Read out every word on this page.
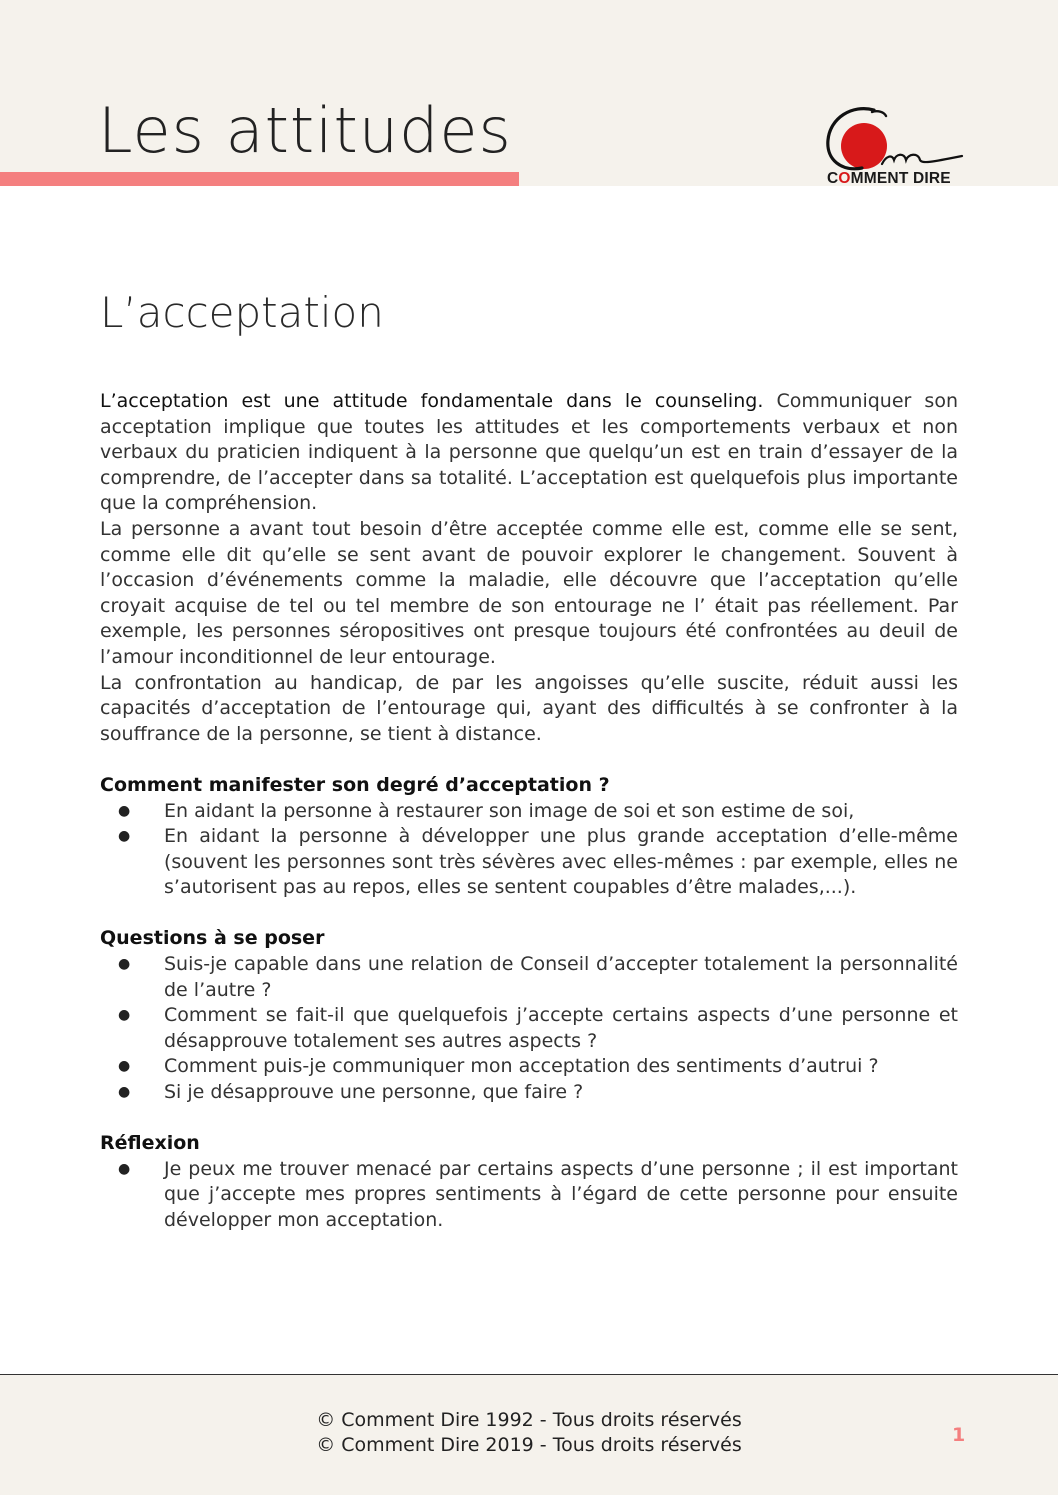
Les attitudes
COMMENT DIRE
L’acceptation

L’acceptation est une attitude fondamentale dans le counseling. Communiquer son acceptation implique que toutes les attitudes et les comportements verbaux et non verbaux du praticien indiquent à la personne que quelqu’un est en train d’essayer de la comprendre, de l’accepter dans sa totalité. L’acceptation est quelquefois plus importante que la compréhension.

La personne a avant tout besoin d’être acceptée comme elle est, comme elle se sent, comme elle dit qu’elle se sent avant de pouvoir explorer le changement. Souvent à l’occasion d’événements comme la maladie, elle découvre que l’acceptation qu’elle croyait acquise de tel ou tel membre de son entourage ne l’ était pas réellement. Par exemple, les personnes séropositives ont presque toujours été confrontées au deuil de l’amour inconditionnel de leur entourage.

La confrontation au handicap, de par les angoisses qu’elle suscite, réduit aussi les capacités d’acceptation de l’entourage qui, ayant des difficultés à se confronter à la souffrance de la personne, se tient à distance.

Comment manifester son degré d’acceptation ?
● En aidant la personne à restaurer son image de soi et son estime de soi,
● En aidant la personne à développer une plus grande acceptation d’elle-même (souvent les personnes sont très sévères avec elles-mêmes : par exemple, elles ne s’autorisent pas au repos, elles se sentent coupables d’être malades,...).
Questions à se poser
● Suis-je capable dans une relation de Conseil d’accepter totalement la personnalité de l’autre ?
● Comment se fait-il que quelquefois j’accepte certains aspects d’une personne et désapprouve totalement ses autres aspects ?
● Comment puis-je communiquer mon acceptation des sentiments d’autrui ?
● Si je désapprouve une personne, que faire ?
Réflexion
● Je peux me trouver menacé par certains aspects d’une personne ; il est important que j’accepte mes propres sentiments à l’égard de cette personne pour ensuite développer mon acceptation.
© Comment Dire 1992 - Tous droits réservés
© Comment Dire 2019 - Tous droits réservés	1
